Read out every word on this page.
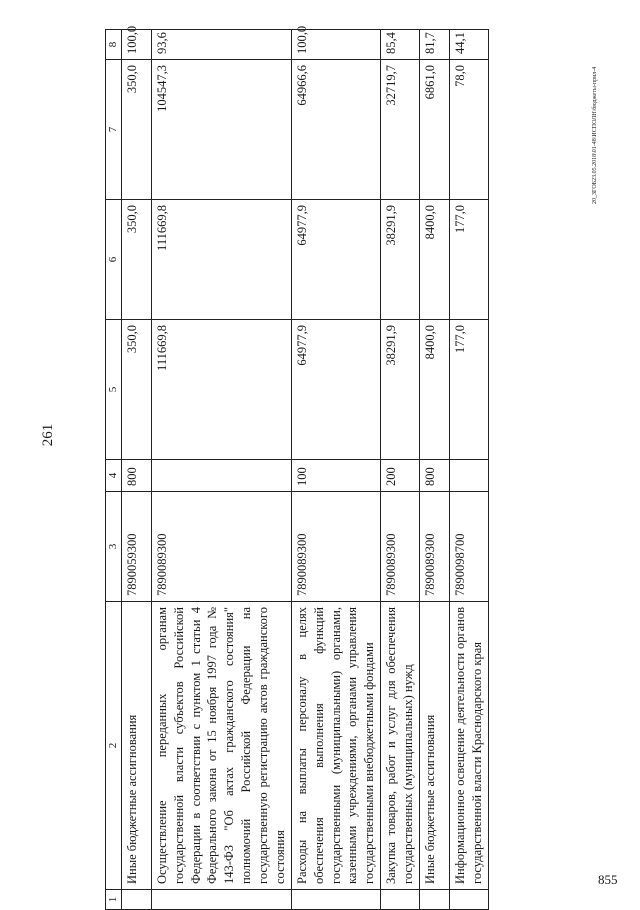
261
20_ЗГОБ23.05.2018\01-48\ИСПОЛН\бюджеты-прил-4
855
1	2	3	4	5	6	7	8
	Иные бюджетные ассигнования	7890059300	800	350,0	350,0	350,0	100,0
	Осуществление переданных органам государственной власти субъектов Российской Федерации в соответствии с пунктом 1 статьи 4 Федерального закона от 15 ноября 1997 года № 143-ФЗ "Об актах гражданского состояния" полномочий Российской Федерации на государственную регистрацию актов гражданского состояния	7890089300		111669,8	111669,8	104547,3	93,6
	Расходы на выплаты персоналу в целях обеспечения выполнения функций государственными (муниципальными) органами, казенными учреждениями, органами управления государственными внебюджетными фондами	7890089300	100	64977,9	64977,9	64966,6	100,0
	Закупка товаров, работ и услуг для обеспечения государственных (муниципальных) нужд	7890089300	200	38291,9	38291,9	32719,7	85,4
	Иные бюджетные ассигнования	7890089300	800	8400,0	8400,0	6861,0	81,7
	Информационное освещение деятельности органов государственной власти Краснодарского края	7890098700		177,0	177,0	78,0	44,1
